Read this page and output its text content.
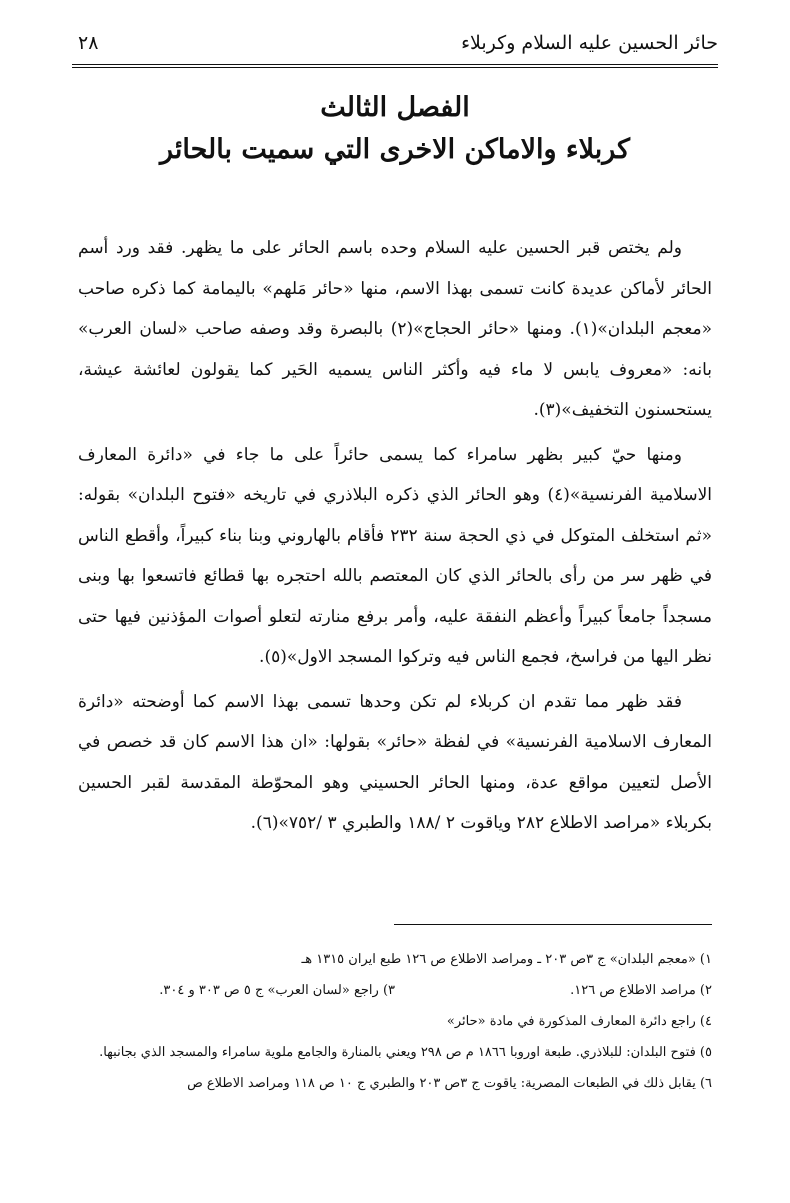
حائر الحسين عليه السلام وكربلاء
٢٨
الفصل الثالث
كربلاء والاماكن الاخرى التي سميت بالحائر

ولم يختص قبر الحسين عليه السلام وحده باسم الحائر على ما يظهر. فقد ورد أسم الحائر لأماكن عديدة كانت تسمى بهذا الاسم، منها «حائر مَلهم» باليمامة كما ذكره صاحب «معجم البلدان»(١). ومنها «حائر الحجاج»(٢) بالبصرة وقد وصفه صاحب «لسان العرب» بانه: «معروف يابس لا ماء فيه وأكثر الناس يسميه الحَير كما يقولون لعائشة عيشة، يستحسنون التخفيف»(٣).

ومنها حيّ كبير بظهر سامراء كما يسمى حائراً على ما جاء في «دائرة المعارف الاسلامية الفرنسية»(٤) وهو الحائر الذي ذكره البلاذري في تاريخه «فتوح البلدان» بقوله: «ثم استخلف المتوكل في ذي الحجة سنة ٢٣٢ فأقام بالهاروني وبنا بناء كبيراً، وأقطع الناس في ظهر سر من رأى بالحائر الذي كان المعتصم بالله احتجره بها قطائع فاتسعوا بها وبنى مسجداً جامعاً كبيراً وأعظم النفقة عليه، وأمر برفع منارته لتعلو أصوات المؤذنين فيها حتى نظر اليها من فراسخ، فجمع الناس فيه وتركوا المسجد الاول»(٥).

فقد ظهر مما تقدم ان كربلاء لم تكن وحدها تسمى بهذا الاسم كما أوضحته «دائرة المعارف الاسلامية الفرنسية» في لفظة «حائر» بقولها: «ان هذا الاسم كان قد خصص في الأصل لتعيين مواقع عدة، ومنها الحائر الحسيني وهو المحوّطة المقدسة لقبر الحسين بكربلاء «مراصد الاطلاع ٢٨٢ وياقوت ٢ /١٨٨ والطبري ٣ /٧٥٢»(٦).

١) «معجم البلدان» ج ٣ص ٢٠٣ ـ ومراصد الاطلاع ص ١٢٦ طبع ايران ١٣١٥ هـ

٢) مراصد الاطلاع ص ١٢٦.

٣) راجع «لسان العرب» ج ٥ ص ٣٠٣ و ٣٠٤.

٤) راجع دائرة المعارف المذكورة في مادة «حائر»

٥) فتوح البلدان: للبلاذري. طبعة اوروبا ١٨٦٦ م ص ٢٩٨ ويعني بالمنارة والجامع ملوية سامراء والمسجد الذي بجانبها.

٦) يقابل ذلك في الطبعات المصرية: ياقوت ج ٣ص ٢٠٣ والطبري ج ١٠ ص ١١٨ ومراصد الاطلاع ص
